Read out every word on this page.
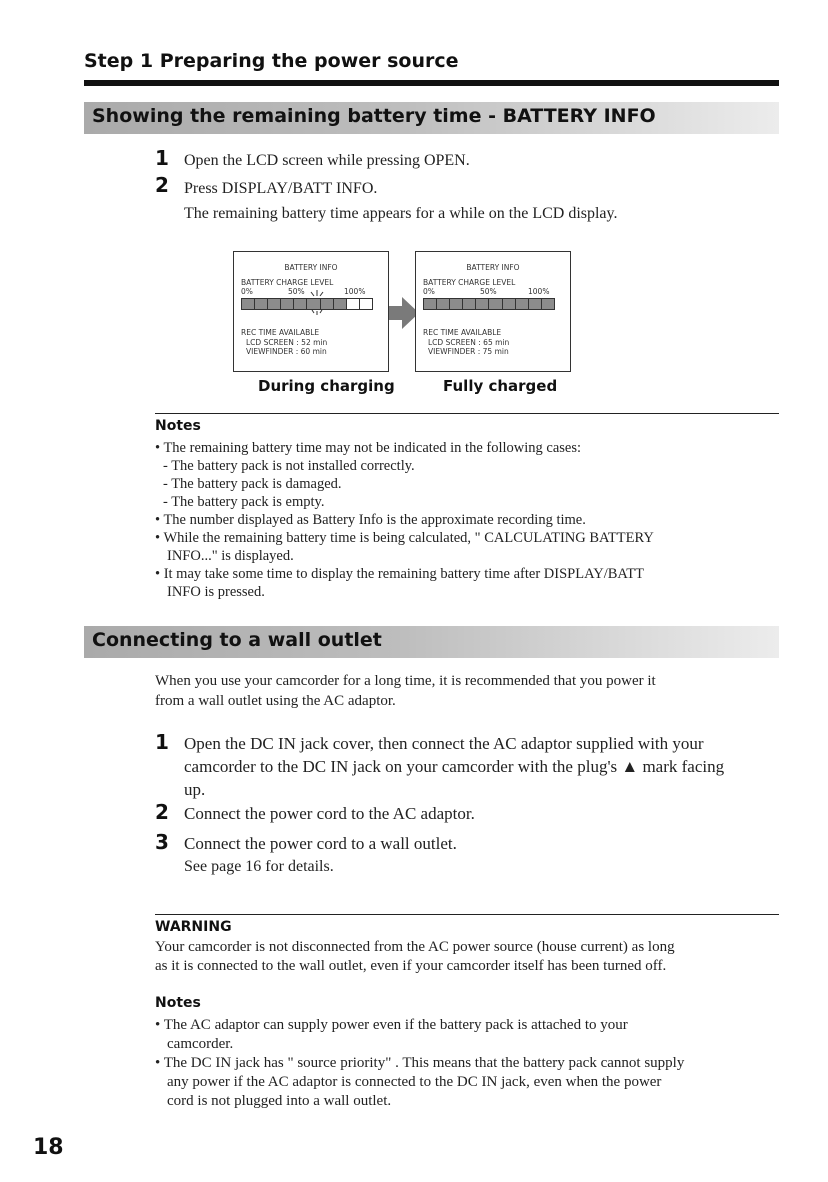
Step 1 Preparing the power source
Showing the remaining battery time - BATTERY INFO
1 Open the LCD screen while pressing OPEN.
2 Press DISPLAY/BATT INFO.
The remaining battery time appears for a while on the LCD display.
BATTERY INFO
BATTERY CHARGE LEVEL
0%	50%	100%
REC TIME AVAILABLE
LCD SCREEN : 52 min
VIEWFINDER : 60 min
BATTERY INFO
BATTERY CHARGE LEVEL
0%	50%	100%
REC TIME AVAILABLE
LCD SCREEN : 65 min
VIEWFINDER : 75 min
During charging	Fully charged
Notes
• The remaining battery time may not be indicated in the following cases:
- The battery pack is not installed correctly.
- The battery pack is damaged.
- The battery pack is empty.
• The number displayed as Battery Info is the approximate recording time.
• While the remaining battery time is being calculated, " CALCULATING BATTERY
INFO..." is displayed.
• It may take some time to display the remaining battery time after DISPLAY/BATT
INFO is pressed.
Connecting to a wall outlet
When you use your camcorder for a long time, it is recommended that you power it
from a wall outlet using the AC adaptor.
1 Open the DC IN jack cover, then connect the AC adaptor supplied with your
camcorder to the DC IN jack on your camcorder with the plug's ▲ mark facing
up.
2 Connect the power cord to the AC adaptor.
3 Connect the power cord to a wall outlet.
See page 16 for details.
WARNING
Your camcorder is not disconnected from the AC power source (house current) as long
as it is connected to the wall outlet, even if your camcorder itself has been turned off.
Notes
• The AC adaptor can supply power even if the battery pack is attached to your
camcorder.
• The DC IN jack has " source priority" . This means that the battery pack cannot supply
any power if the AC adaptor is connected to the DC IN jack, even when the power
cord is not plugged into a wall outlet.
18
